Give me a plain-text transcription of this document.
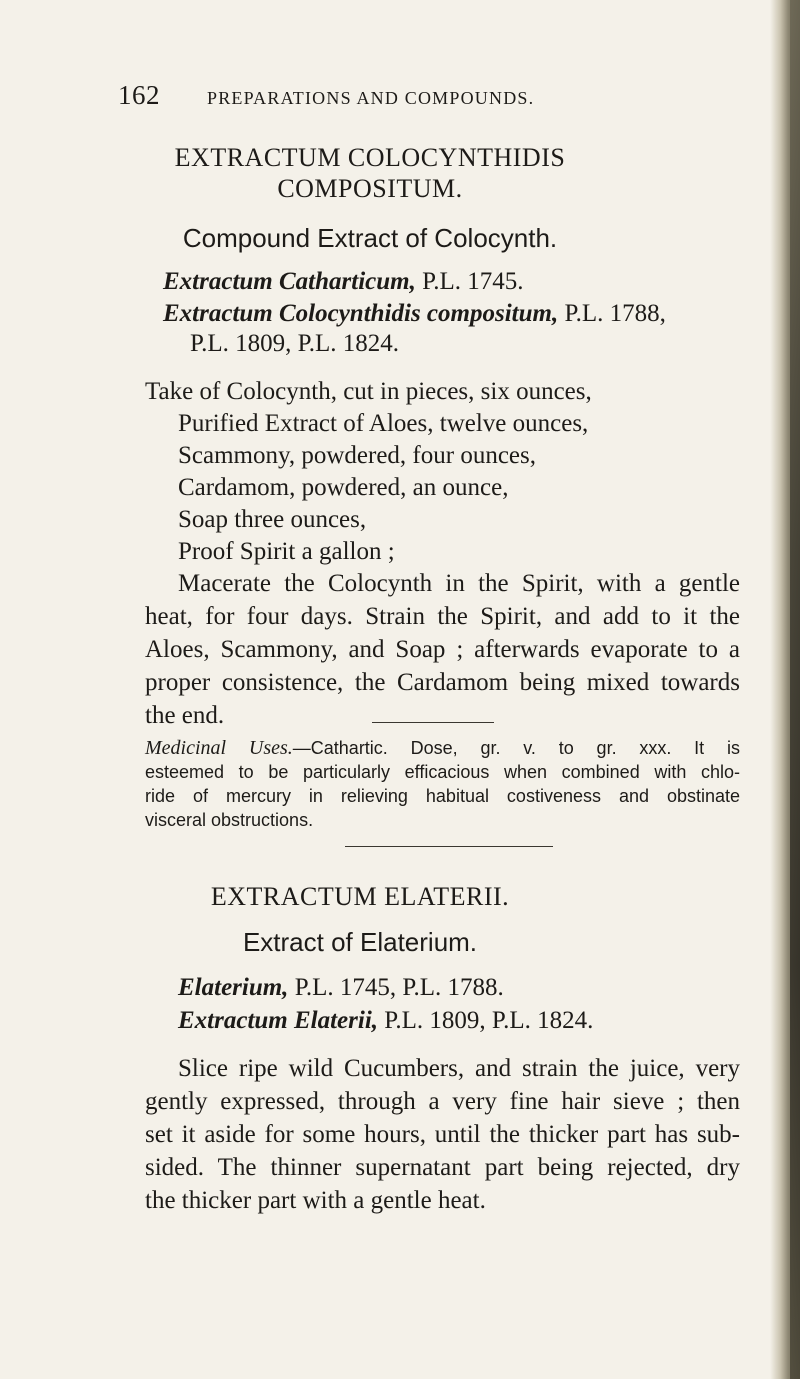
162	PREPARATIONS AND COMPOUNDS.
EXTRACTUM COLOCYNTHIDIS
COMPOSITUM.
Compound Extract of Colocynth.
Extractum Catharticum, P.L. 1745.
Extractum Colocynthidis compositum, P.L. 1788,
P.L. 1809, P.L. 1824.
Take of Colocynth, cut in pieces, six ounces,
Purified Extract of Aloes, twelve ounces,
Scammony, powdered, four ounces,
Cardamom, powdered, an ounce,
Soap three ounces,
Proof Spirit a gallon ;
Macerate the Colocynth in the Spirit, with a gentle
heat, for four days. Strain the Spirit, and add to it the
Aloes, Scammony, and Soap ; afterwards evaporate to a
proper consistence, the Cardamom being mixed towards
the end.
Medicinal Uses.—Cathartic. Dose, gr. v. to gr. xxx. It is
esteemed to be particularly efficacious when combined with chlo-
ride of mercury in relieving habitual costiveness and obstinate
visceral obstructions.
EXTRACTUM ELATERII.
Extract of Elaterium.
Elaterium, P.L. 1745, P.L. 1788.
Extractum Elaterii, P.L. 1809, P.L. 1824.
Slice ripe wild Cucumbers, and strain the juice, very
gently expressed, through a very fine hair sieve ; then
set it aside for some hours, until the thicker part has sub-
sided. The thinner supernatant part being rejected, dry
the thicker part with a gentle heat.
